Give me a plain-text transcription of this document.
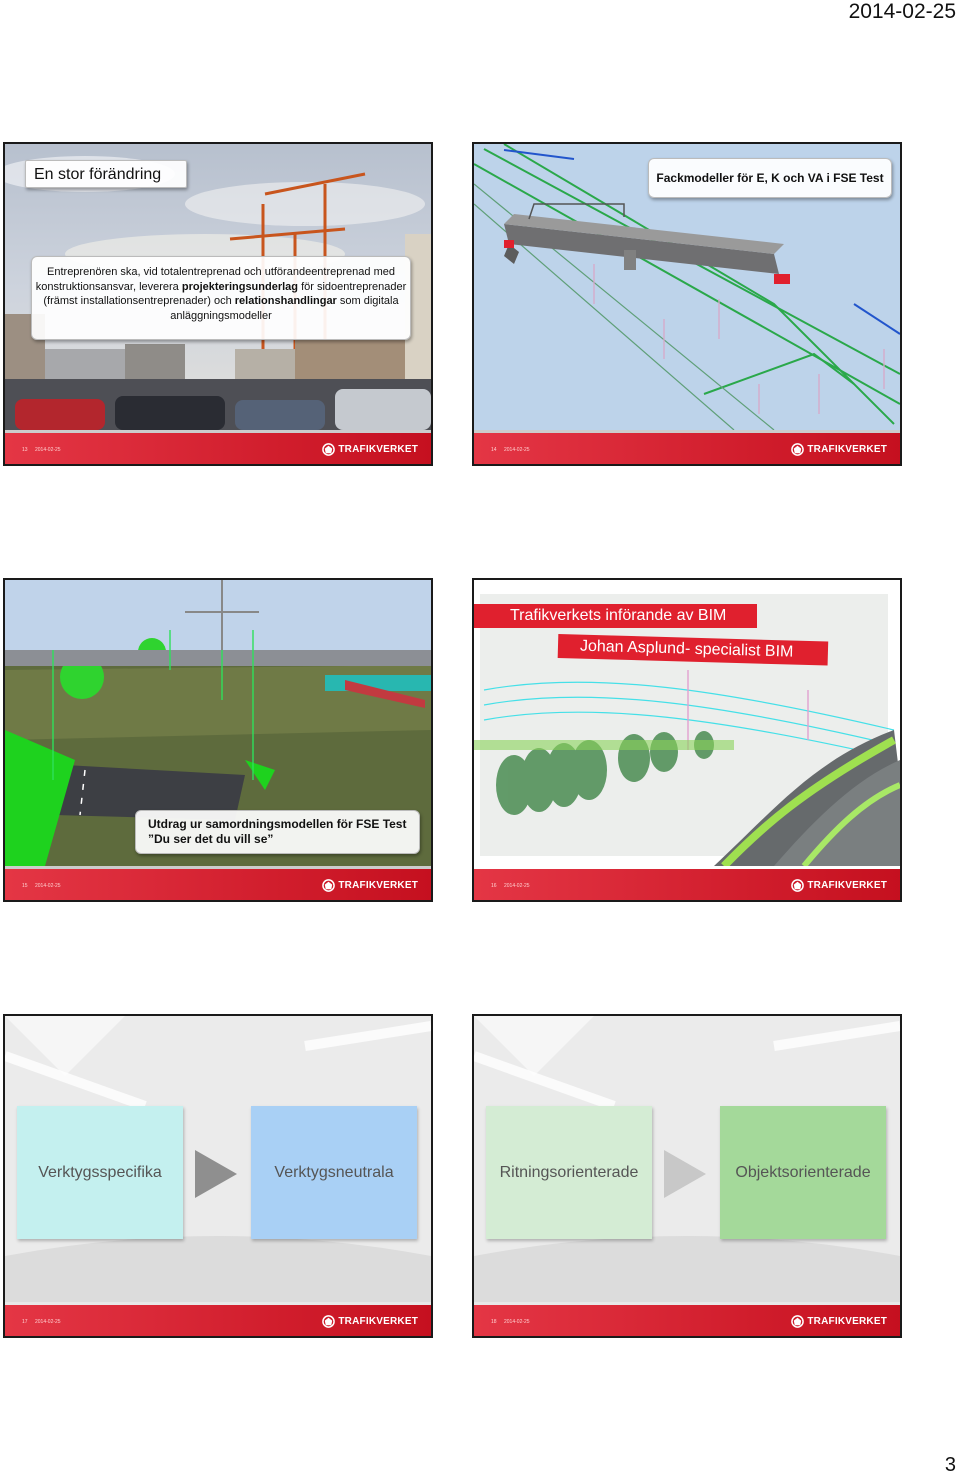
2014-02-25
En stor förändring
Entreprenören ska, vid totalentreprenad och utförandeentreprenad med konstruktionsansvar, leverera projekteringsunderlag för sidoentreprenader (främst installationsentreprenader) och relationshandlingar som digitala anläggningsmodeller
13 2014-02-25	TRAFIKVERKET
Fackmodeller för E, K och VA i FSE Test
14 2014-02-25	TRAFIKVERKET
Utdrag ur samordningsmodellen för FSE Test
”Du ser det du vill se”
15 2014-02-25	TRAFIKVERKET
Trafikverkets införande av BIM
Johan Asplund- specialist BIM
16 2014-02-25	TRAFIKVERKET
Verktygsspecifika	Verktygsneutrala
17 2014-02-25	TRAFIKVERKET
Ritningsorienterade	Objektsorienterade
18 2014-02-25	TRAFIKVERKET
3
